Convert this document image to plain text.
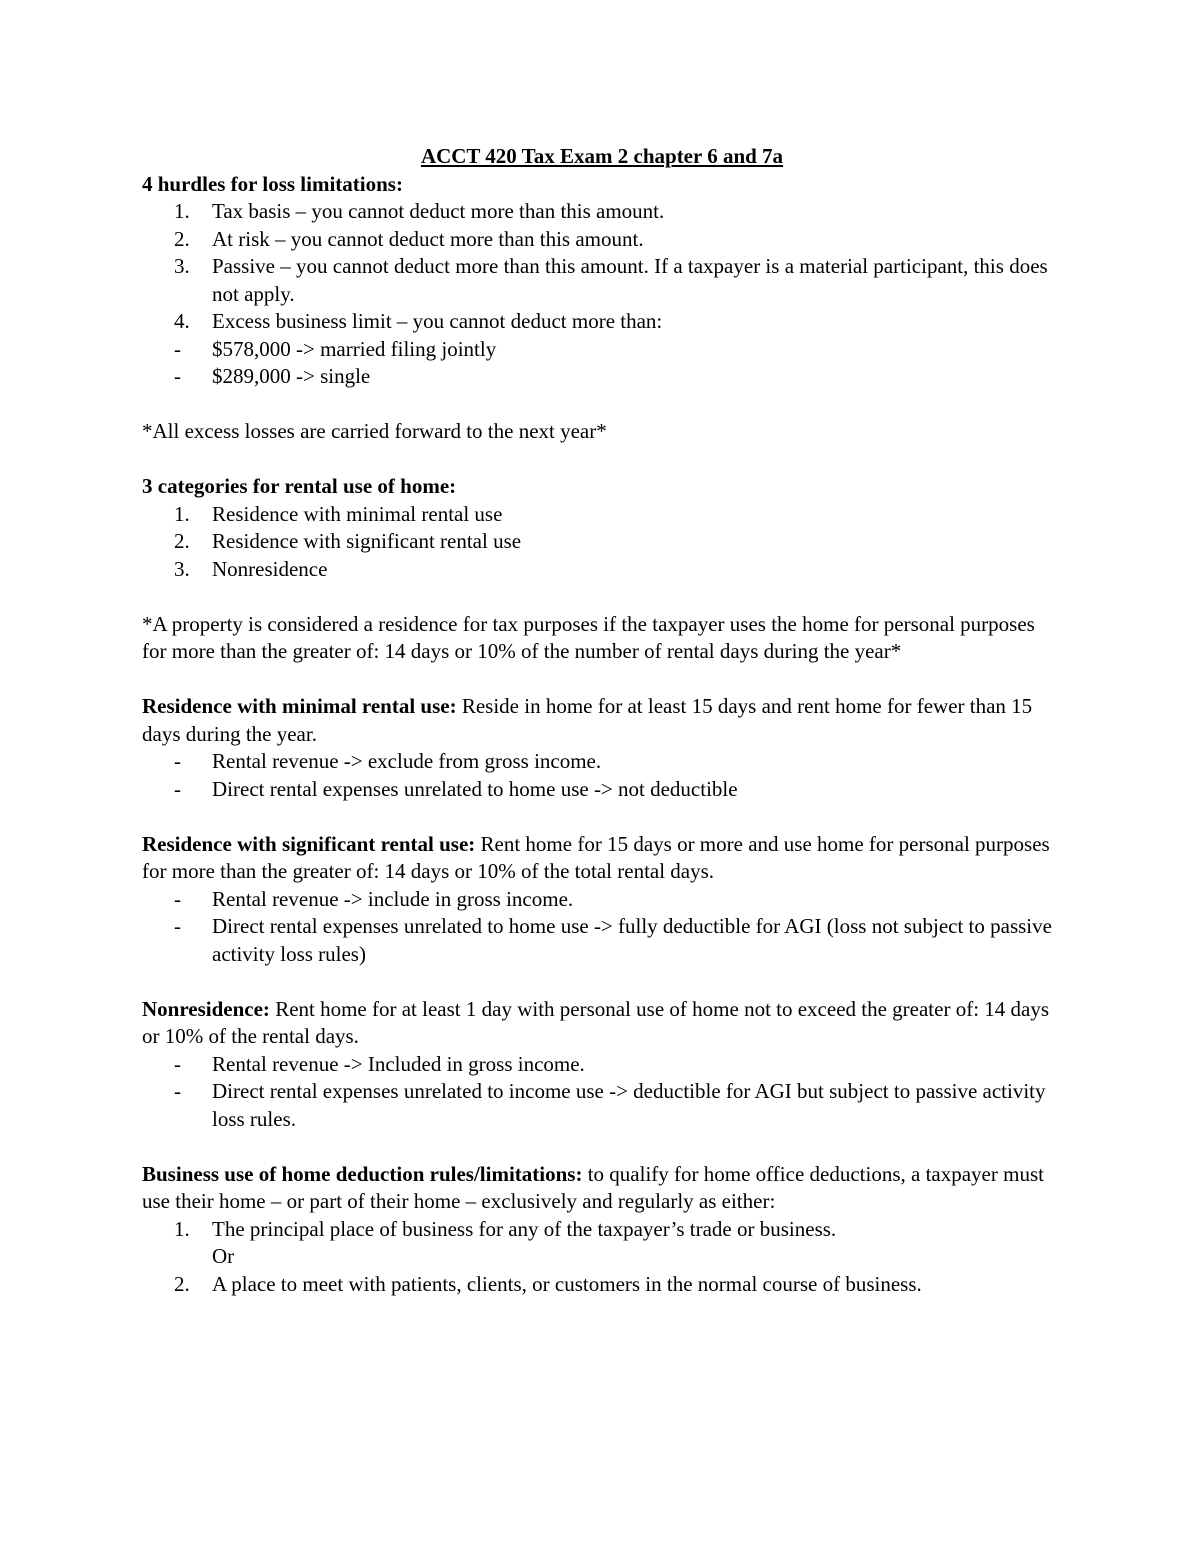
ACCT 420 Tax Exam 2 chapter 6 and 7a

4 hurdles for loss limitations:

1.	Tax basis – you cannot deduct more than this amount.
2.	At risk – you cannot deduct more than this amount.
3.	Passive – you cannot deduct more than this amount. If a taxpayer is a material participant, this does not apply.
4.	Excess business limit – you cannot deduct more than:
-	$578,000 -> married filing jointly
-	$289,000 -> single

*All excess losses are carried forward to the next year*

3 categories for rental use of home:

1.	Residence with minimal rental use
2.	Residence with significant rental use
3.	Nonresidence

*A property is considered a residence for tax purposes if the taxpayer uses the home for personal purposes for more than the greater of: 14 days or 10% of the number of rental days during the year*

Residence with minimal rental use: Reside in home for at least 15 days and rent home for fewer than 15 days during the year.

-	Rental revenue -> exclude from gross income.
-	Direct rental expenses unrelated to home use -> not deductible

Residence with significant rental use: Rent home for 15 days or more and use home for personal purposes for more than the greater of: 14 days or 10% of the total rental days.

-	Rental revenue -> include in gross income.
-	Direct rental expenses unrelated to home use -> fully deductible for AGI (loss not subject to passive activity loss rules)

Nonresidence: Rent home for at least 1 day with personal use of home not to exceed the greater of: 14 days or 10% of the rental days.

-	Rental revenue -> Included in gross income.
-	Direct rental expenses unrelated to income use -> deductible for AGI but subject to passive activity loss rules.

Business use of home deduction rules/limitations: to qualify for home office deductions, a taxpayer must use their home – or part of their home – exclusively and regularly as either:

1.	The principal place of business for any of the taxpayer’s trade or business.

Or

2.	A place to meet with patients, clients, or customers in the normal course of business.
